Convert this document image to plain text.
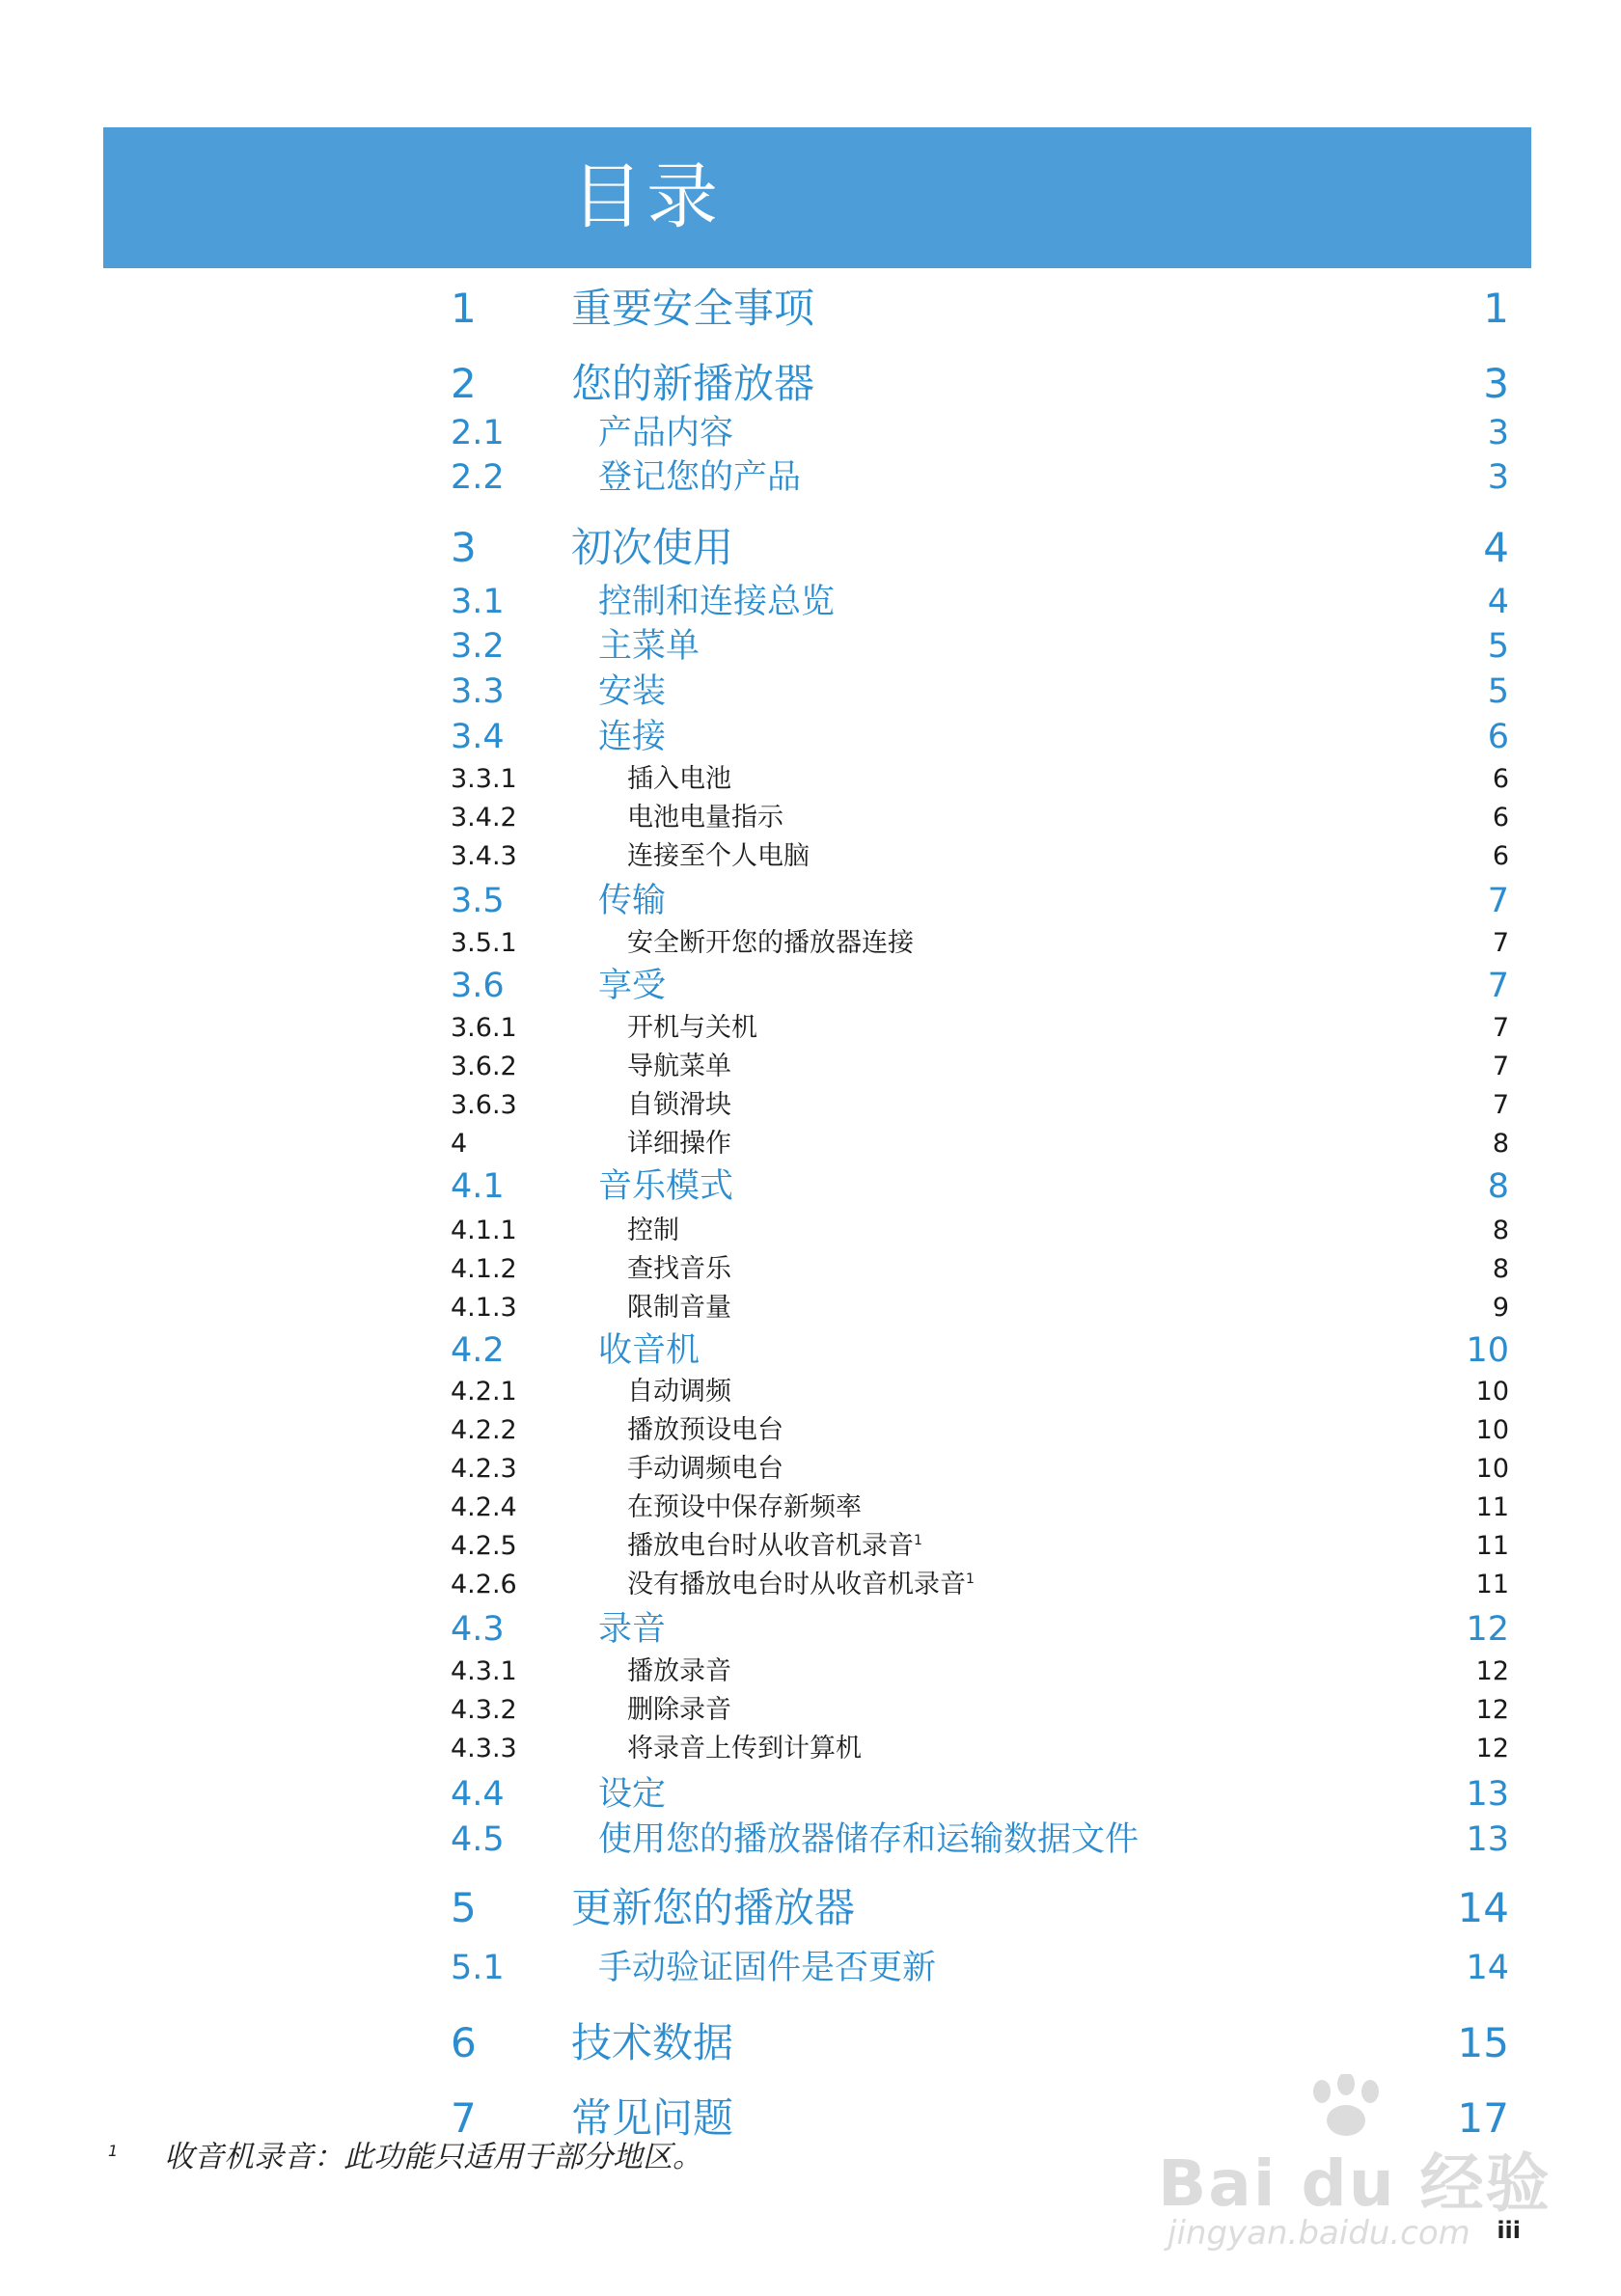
目录
1 重要安全事项	1
2 您的新播放器	3
2.1	产品内容	3
2.2	登记您的产品	3
3 初次使用	4
3.1	控制和连接总览	4
3.2	主菜单	5
3.3	安装	5
3.4	连接	6
3.3.1	插入电池	6
3.4.2	电池电量指示	6
3.4.3	连接至个人电脑	6
3.5	传输	7
3.5.1	安全断开您的播放器连接	7
3.6	享受	7
3.6.1	开机与关机	7
3.6.2	导航菜单	7
3.6.3	自锁滑块	7
4	详细操作	8
4.1	音乐模式	8
4.1.1	控制	8
4.1.2	查找音乐	8
4.1.3	限制音量	9
4.2	收音机	10
4.2.1	自动调频	10
4.2.2	播放预设电台	10
4.2.3	手动调频电台	10
4.2.4	在预设中保存新频率	11
4.2.5	播放电台时从收音机录音$^1$	11
4.2.6	没有播放电台时从收音机录音$^1$	11
4.3	录音	12
4.3.1	播放录音	12
4.3.2	删除录音	12
4.3.3	将录音上传到计算机	12
4.4	设定	13
4.5	使用您的播放器储存和运输数据文件	13
5 更新您的播放器	14
5.1	手动验证固件是否更新	14
6 技术数据	15
7 常见问题	17
1 收音机录音：此功能只适用于部分地区。	Bai du 经验
jingyan.baidu.com iii
